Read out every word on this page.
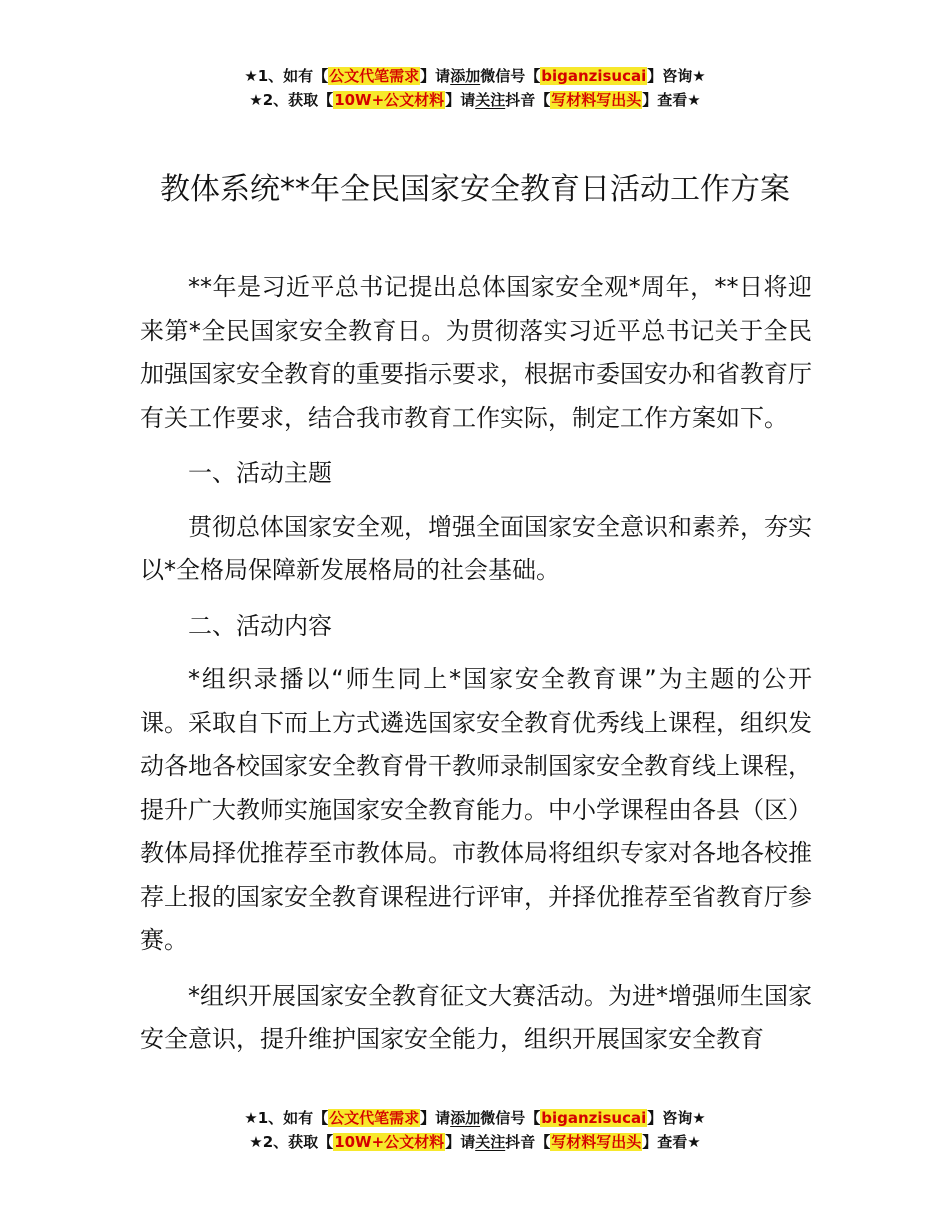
★1、如有【公文代笔需求】请添加微信号【biganzisucai】咨询★
★2、获取【10W+公文材料】请关注抖音【写材料写出头】查看★
教体系统**年全民国家安全教育日活动工作方案

**年是习近平总书记提出总体国家安全观*周年，**日将迎来第*全民国家安全教育日。为贯彻落实习近平总书记关于全民加强国家安全教育的重要指示要求，根据市委国安办和省教育厅有关工作要求，结合我市教育工作实际，制定工作方案如下。

一、活动主题

贯彻总体国家安全观，增强全面国家安全意识和素养，夯实以*全格局保障新发展格局的社会基础。

二、活动内容

*组织录播以“师生同上*国家安全教育课”为主题的公开课。采取自下而上方式遴选国家安全教育优秀线上课程，组织发动各地各校国家安全教育骨干教师录制国家安全教育线上课程，提升广大教师实施国家安全教育能力。中小学课程由各县（区）教体局择优推荐至市教体局。市教体局将组织专家对各地各校推荐上报的国家安全教育课程进行评审，并择优推荐至省教育厅参赛。

*组织开展国家安全教育征文大赛活动。为进*增强师生国家安全意识，提升维护国家安全能力，组织开展国家安全教育

★1、如有【公文代笔需求】请添加微信号【biganzisucai】咨询★
★2、获取【10W+公文材料】请关注抖音【写材料写出头】查看★
